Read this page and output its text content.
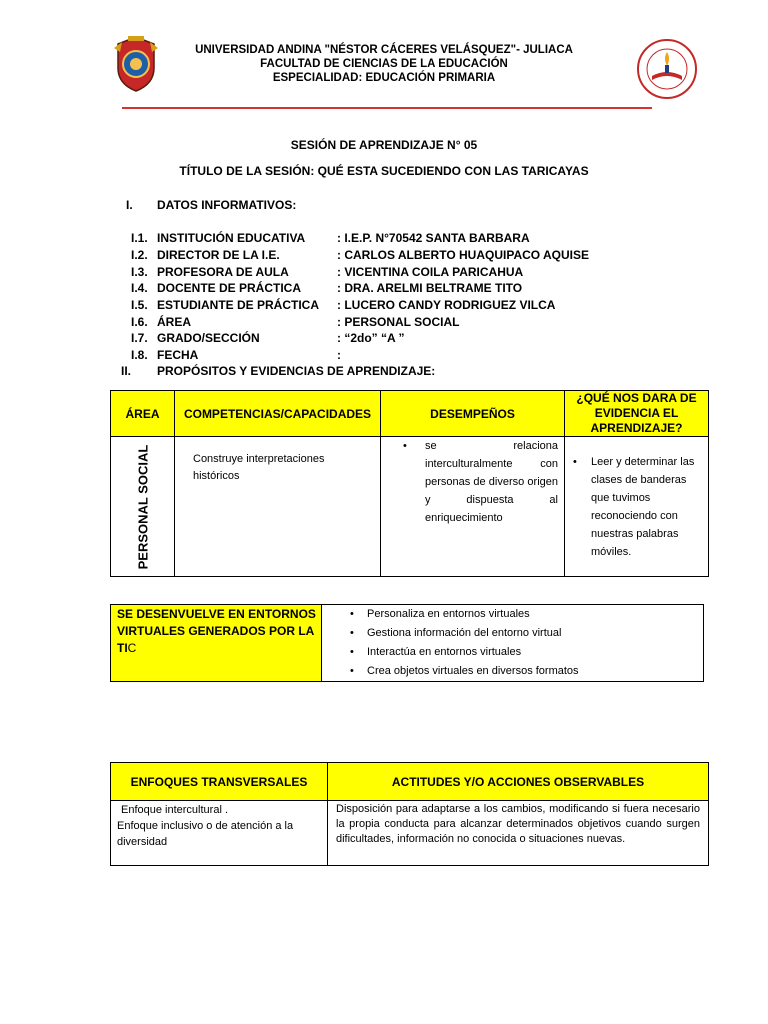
UNIVERSIDAD ANDINA "NÉSTOR CÁCERES VELÁSQUEZ"- JULIACA
FACULTAD DE CIENCIAS DE LA EDUCACIÓN
ESPECIALIDAD: EDUCACIÓN PRIMARIA
SESIÓN DE APRENDIZAJE N° 05
TÍTULO DE LA SESIÓN: QUÉ ESTA SUCEDIENDO CON LAS TARICAYAS
I. DATOS INFORMATIVOS:
I.1. INSTITUCIÓN EDUCATIVA	: I.E.P. N°70542 SANTA BARBARA
I.2. DIRECTOR DE LA I.E.	: CARLOS ALBERTO HUAQUIPACO AQUISE
I.3. PROFESORA DE AULA	: VICENTINA COILA PARICAHUA
I.4. DOCENTE DE PRÁCTICA	: DRA. ARELMI BELTRAME TITO
I.5. ESTUDIANTE DE PRÁCTICA	: LUCERO CANDY RODRIGUEZ VILCA
I.6. ÁREA	: PERSONAL SOCIAL
I.7. GRADO/SECCIÓN	: “2do” “A ”
I.8. FECHA	:
II. PROPÓSITOS Y EVIDENCIAS DE APRENDIZAJE:
ÁREA	COMPETENCIAS/CAPACIDADES	DESEMPEÑOS	¿QUÉ NOS DARA DE EVIDENCIA EL APRENDIZAJE?

PERSONAL SOCIAL	Construye interpretaciones históricos	• se relaciona interculturalmente con personas de diverso origen y dispuesta al enriquecimiento	• Leer y determinar las clases de banderas que tuvimos reconociendo con nuestras palabras móviles.
SE DESENVUELVE EN ENTORNOS VIRTUALES GENERADOS POR LA TIC

• Personaliza en entornos virtuales
• Gestiona información del entorno virtual
• Interactúa en entornos virtuales
• Crea objetos virtuales en diversos formatos
ENFOQUES TRANSVERSALES	ACTITUDES Y/O ACCIONES OBSERVABLES

Enfoque intercultural .
Enfoque inclusivo o de atención a la diversidad	Disposición para adaptarse a los cambios, modificando si fuera necesario la propia conducta para alcanzar determinados objetivos cuando surgen dificultades, información no conocida o situaciones nuevas.
